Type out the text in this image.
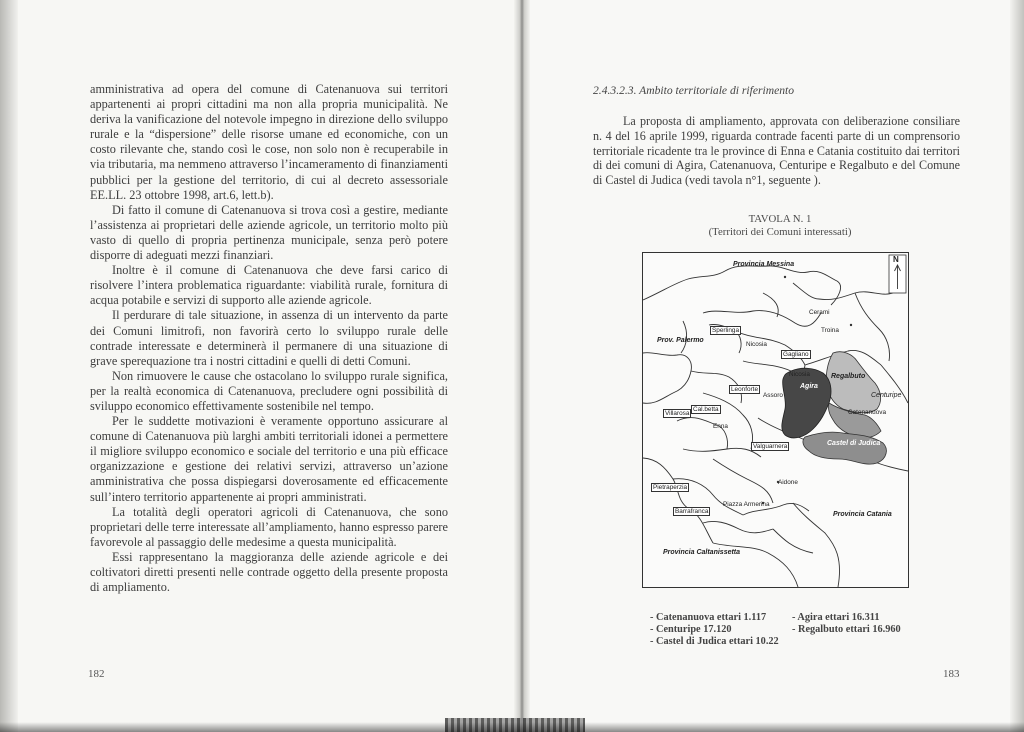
amministrativa ad opera del comune di Catenanuova sui territori appartenenti ai propri cittadini ma non alla propria municipalità. Ne deriva la vanificazione del notevole impegno in direzione dello sviluppo rurale e la “dispersione” delle risorse umane ed economiche, con un costo rilevante che, stando così le cose, non solo non è recuperabile in via tributaria, ma nemmeno attraverso l’incameramento di finanziamenti pubblici per la gestione del territorio, di cui al decreto assessoriale EE.LL. 23 ottobre 1998, art.6, lett.b).

Di fatto il comune di Catenanuova si trova così a gestire, mediante l’assistenza ai proprietari delle aziende agricole, un territorio molto più vasto di quello di propria pertinenza municipale, senza però potere disporre di adeguati mezzi finanziari.

Inoltre è il comune di Catenanuova che deve farsi carico di risolvere l’intera problematica riguardante: viabilità rurale, fornitura di acqua potabile e servizi di supporto alle aziende agricole.

Il perdurare di tale situazione, in assenza di un intervento da parte dei Comuni limitrofi, non favorirà certo lo sviluppo rurale delle contrade interessate e determinerà il permanere di una situazione di grave sperequazione tra i nostri cittadini e quelli di detti Comuni.

Non rimuovere le cause che ostacolano lo sviluppo rurale significa, per la realtà economica di Catenanuova, precludere ogni possibilità di sviluppo economico effettivamente sostenibile nel tempo.

Per le suddette motivazioni è veramente opportuno assicurare al comune di Catenanuova più larghi ambiti territoriali idonei a permettere il migliore sviluppo economico e sociale del territorio e una più efficace organizzazione e gestione dei relativi servizi, attraverso un’azione amministrativa che possa dispiegarsi doverosamente ed efficacemente sull’intero territorio appartenente ai propri amministrati.

La totalità degli operatori agricoli di Catenanuova, che sono proprietari delle terre interessate all’ampliamento, hanno espresso parere favorevole al passaggio delle medesime a questa municipalità.

Essi rappresentano la maggioranza delle aziende agricole e dei coltivatori diretti presenti nelle contrade oggetto della presente proposta di ampliamento.

182
2.4.3.2.3. Ambito territoriale di riferimento

La proposta di ampliamento, approvata con deliberazione consiliare n. 4 del 16 aprile 1999, riguarda contrade facenti parte di un comprensorio territoriale ricadente tra le province di Enna e Catania costituito dai territori di dei comuni di Agira, Catenanuova, Centuripe e Regalbuto e del Comune di Castel di Judica (vedi tavola n°1, seguente ).

TAVOLA N. 1
(Territori dei Comuni interessati)
N
Provincia Messina
Cerami
Sperlinga	Troina
Prov. Palermo
Nicosia
Gagliano
Nicosia	Regalbuto
Agira
Leonforte
Assoro	Centuripe
Villarosa
Cal.betta	Catenanuova
Enna
Castel di Judica
Valguarnera
Aidone
Pietraperzia
Piazza Armerina
Barrafranca	Provincia Catania
Provincia Caltanissetta
- Catenanuova ettari 1.117	- Agira ettari 16.311
- Centuripe 17.120	- Regalbuto ettari 16.960
- Castel di Judica ettari 10.22
183
